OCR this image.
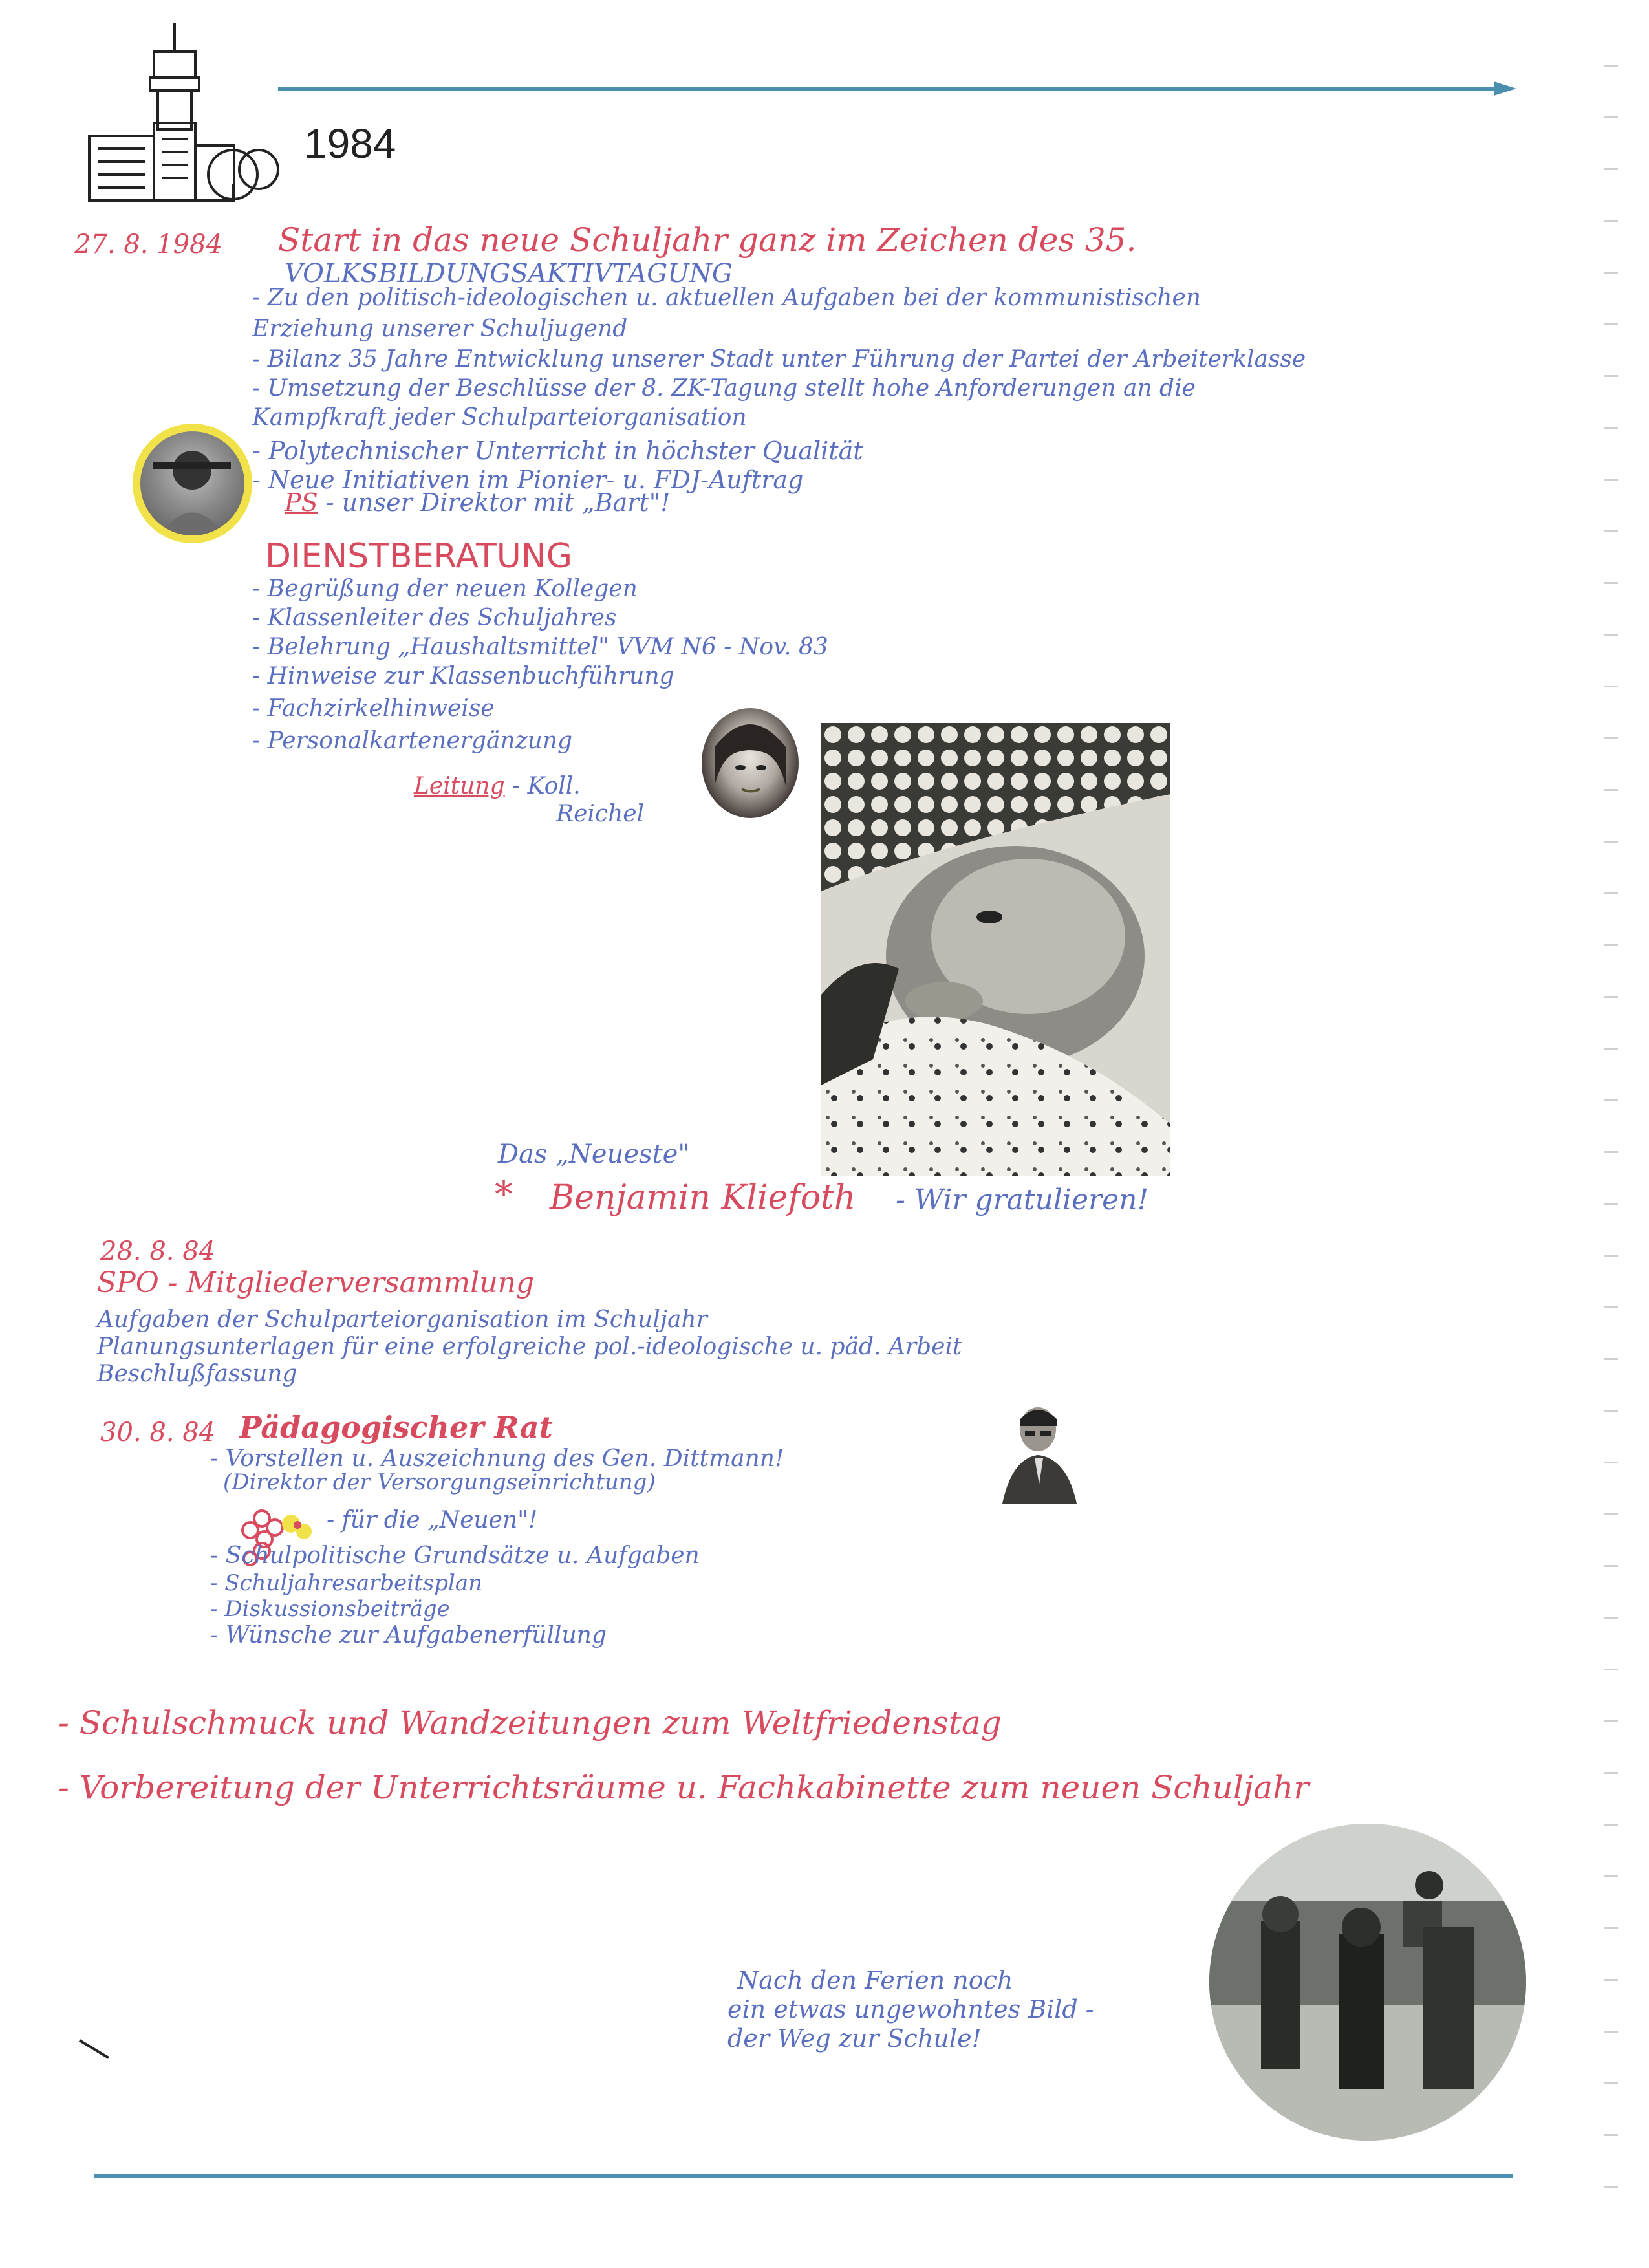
1984
27. 8. 1984 Start in das neue Schuljahr ganz im Zeichen des 35.
VOLKSBILDUNGSAKTIVTAGUNG
- Zu den politisch-ideologischen u. aktuellen Aufgaben bei der kommunistischen
Erziehung unserer Schuljugend
- Bilanz 35 Jahre Entwicklung unserer Stadt unter Führung der Partei der Arbeiterklasse
- Umsetzung der Beschlüsse der 8. ZK-Tagung stellt hohe Anforderungen an die
Kampfkraft jeder Schulparteiorganisation
- Polytechnischer Unterricht in höchster Qualität
- Neue Initiativen im Pionier- u. FDJ-Auftrag
PS - unser Direktor mit „Bart"!
DIENSTBERATUNG
- Begrüßung der neuen Kollegen
- Klassenleiter des Schuljahres
- Belehrung „Haushaltsmittel" VVM N6 - Nov. 83
- Hinweise zur Klassenbuchführung
- Fachzirkelhinweise
- Personalkartenergänzung
Leitung - Koll.
Reichel
Das „Neueste"
* Benjamin Kliefoth - Wir gratulieren!
28. 8. 84
SPO - Mitgliederversammlung
Aufgaben der Schulparteiorganisation im Schuljahr
Planungsunterlagen für eine erfolgreiche pol.-ideologische u. päd. Arbeit
Beschlußfassung
30. 8. 84 Pädagogischer Rat
- Vorstellen u. Auszeichnung des Gen. Dittmann!
(Direktor der Versorgungseinrichtung)
- für die „Neuen"!
- Schulpolitische Grundsätze u. Aufgaben
- Schuljahresarbeitsplan
- Diskussionsbeiträge
- Wünsche zur Aufgabenerfüllung
- Schulschmuck und Wandzeitungen zum Weltfriedenstag
- Vorbereitung der Unterrichtsräume u. Fachkabinette zum neuen Schuljahr
Nach den Ferien noch
ein etwas ungewohntes Bild -
der Weg zur Schule!
